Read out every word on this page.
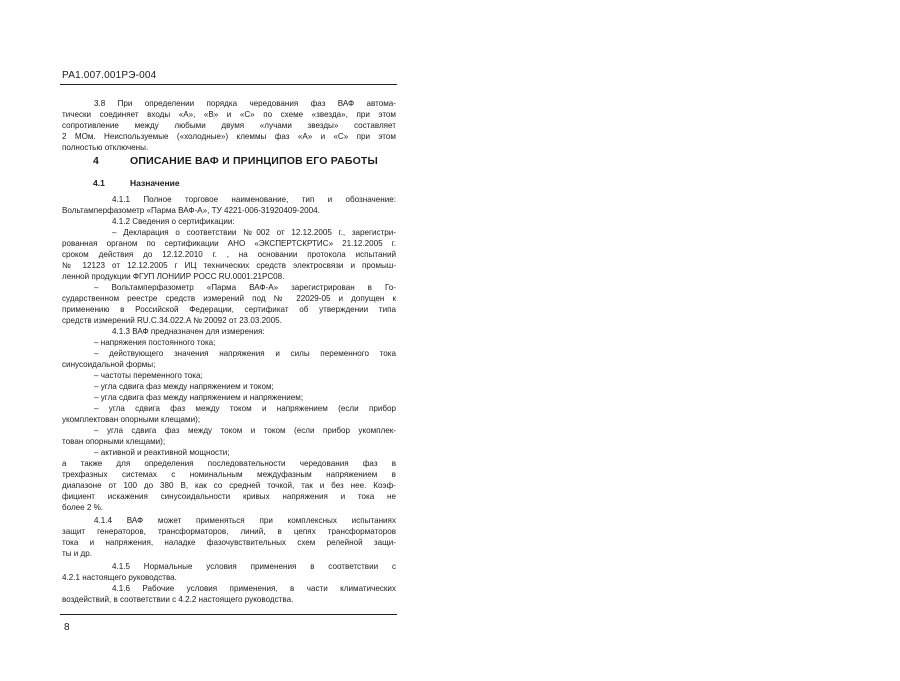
РА1.007.001РЭ-004
3.8 При определении порядка чередования фаз ВАФ автома-
тически соединяет входы «А», «В» и «С» по схеме «звезда», при этом
сопротивление между любыми двумя «лучами звезды» составляет
2 МОм. Неиспользуемые («холодные») клеммы фаз «А» и «С» при этом
полностью отключены.
4	ОПИСАНИЕ ВАФ И ПРИНЦИПОВ ЕГО РАБОТЫ
4.1	Назначение
4.1.1 Полное торговое наименование, тип и обозначение:
Вольтамперфазометр «Парма ВАФ-А», ТУ 4221-006-31920409-2004.
4.1.2 Сведения о сертификации:
– Декларация о соответствии №002 от 12.12.2005 г., зарегистри-
рованная органом по сертификации АНО «ЭКСПЕРТСКРТИС» 21.12.2005 г.
сроком действия до 12.12.2010 г. , на основании протокола испытаний
№ 12123 от 12.12.2005 г ИЦ технических средств электросвязи и промыш-
ленной продукции ФГУП ЛОНИИР РОСС RU.0001.21РС08.
– Вольтамперфазометр «Парма ВАФ-А» зарегистрирован в Го-
сударственном реестре средств измерений под № 22029-05 и допущен к
применению в Российской Федерации, сертификат об утверждении типа
средств измерений RU.C.34.022.A № 20092 от 23.03.2005.
4.1.3 ВАФ предназначен для измерения:
– напряжения постоянного тока;
– действующего значения напряжения и силы переменного тока
синусоидальной формы;
– частоты переменного тока;
– угла сдвига фаз между напряжением и током;
– угла сдвига фаз между напряжением и напряжением;
– угла сдвига фаз между током и напряжением (если прибор
укомплектован опорными клещами);
– угла сдвига фаз между током и током (если прибор укомплек-
тован опорными клещами);
– активной и реактивной мощности;
а также для определения последовательности чередования фаз в
трехфазных системах с номинальным междуфазным напряжением в
диапазоне от 100 до 380 В, как со средней точкой, так и без нее. Коэф-
фициент искажения синусоидальности кривых напряжения и тока не
более 2 %.
4.1.4 ВАФ может применяться при комплексных испытаниях
защит генераторов, трансформаторов, линий, в цепях трансформаторов
тока и напряжения, наладке фазочувствительных схем релейной защи-
ты и др.
4.1.5 Нормальные условия применения в соответствии с
4.2.1 настоящего руководства.
4.1.6 Рабочие условия применения, в части климатических
воздействий, в соответствии с 4.2.2 настоящего руководства.
8
